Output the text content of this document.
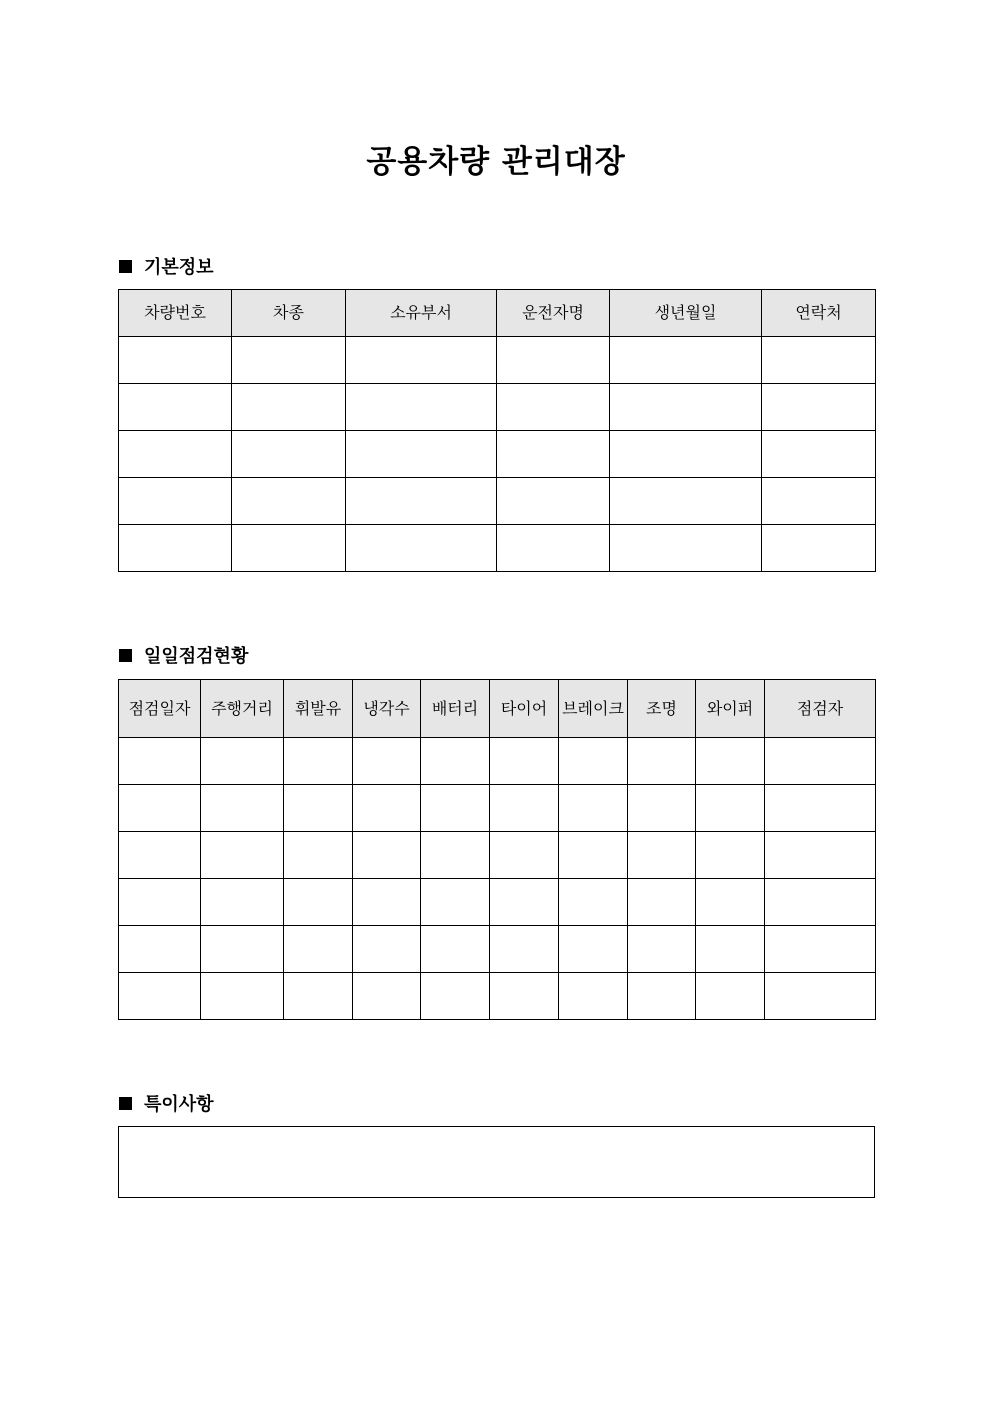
공용차량 관리대장
기본정보
차량번호	차종	소유부서	운전자명	생년월일	연락처

일일점검현황
점검일자	주행거리	휘발유	냉각수	배터리	타이어	브레이크	조명	와이퍼	점검자

특이사항
